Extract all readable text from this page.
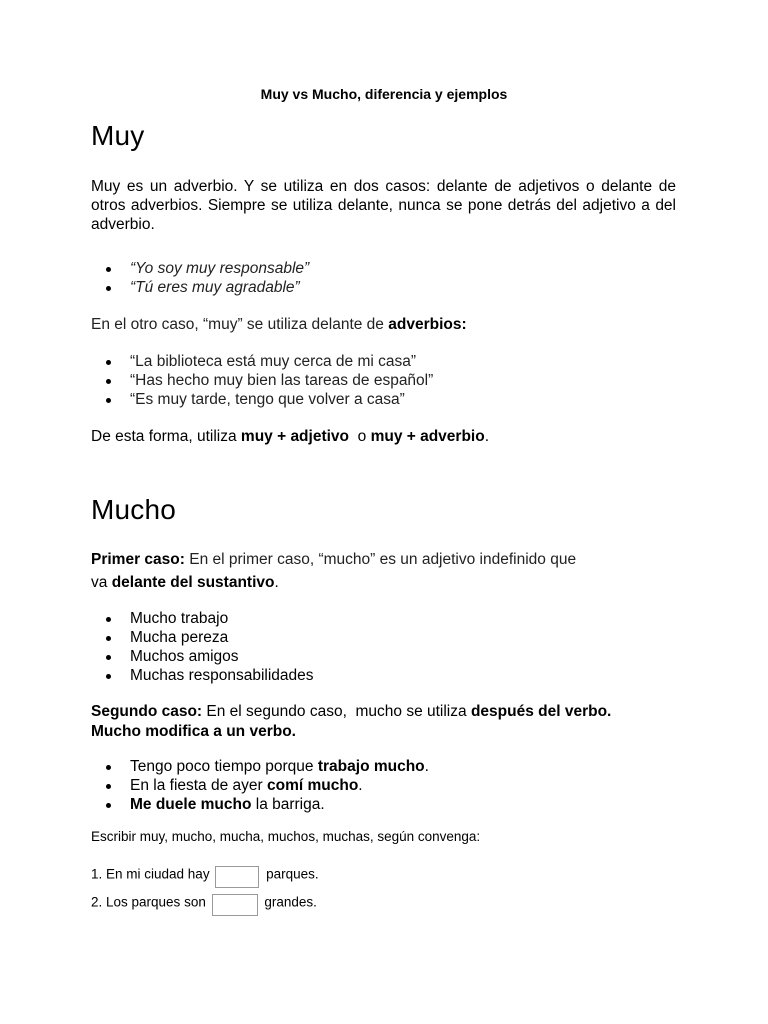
Muy vs Mucho, diferencia y ejemplos
Muy
Muy es un adverbio. Y se utiliza en dos casos: delante de adjetivos o delante de otros adverbios. Siempre se utiliza delante, nunca se pone detrás del adjetivo a del adverbio.
“Yo soy muy responsable”
“Tú eres muy agradable”
En el otro caso, “muy” se utiliza delante de adverbios:
“La biblioteca está muy cerca de mi casa”
“Has hecho muy bien las tareas de español”
“Es muy tarde, tengo que volver a casa”
De esta forma, utiliza muy + adjetivo  o muy + adverbio.
Mucho
Primer caso: En el primer caso, “mucho” es un adjetivo indefinido que
va delante del sustantivo.
Mucho trabajo
Mucha pereza
Muchos amigos
Muchas responsabilidades
Segundo caso: En el segundo caso,  mucho se utiliza después del verbo.
Mucho modifica a un verbo.
Tengo poco tiempo porque trabajo mucho.
En la fiesta de ayer comí mucho.
Me duele mucho la barriga.
Escribir muy, mucho, mucha, muchos, muchas, según convenga:
1. En mi ciudad hay	parques.
2. Los parques son	grandes.
